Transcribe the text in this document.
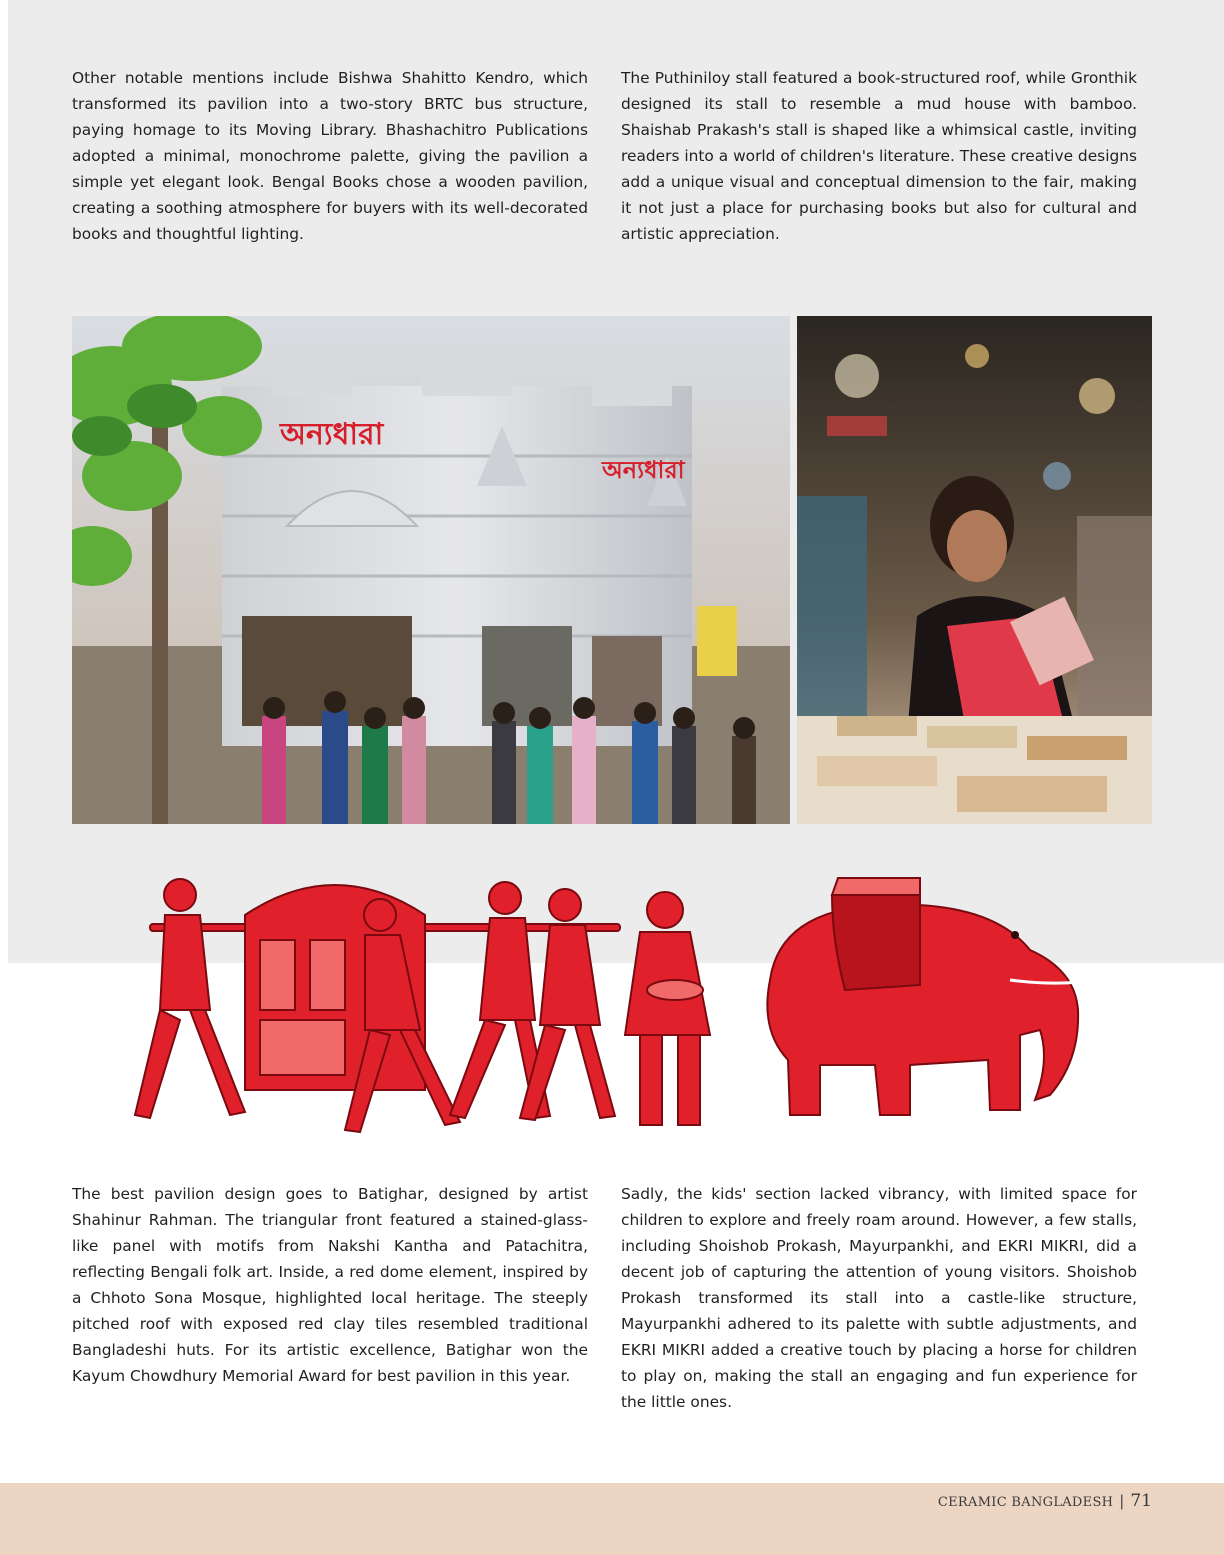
Other notable mentions include Bishwa Shahitto Kendro, which transformed its pavilion into a two-story BRTC bus structure, paying homage to its Moving Library. Bhashachitro Publications adopted a minimal, monochrome palette, giving the pavilion a simple yet elegant look. Bengal Books chose a wooden pavilion, creating a soothing atmosphere for buyers with its well-decorated books and thoughtful lighting.

The Puthiniloy stall featured a book-structured roof, while Gronthik designed its stall to resemble a mud house with bamboo. Shaishab Prakash's stall is shaped like a whimsical castle, inviting readers into a world of children's literature. These creative designs add a unique visual and conceptual dimension to the fair, making it not just a place for purchasing books but also for cultural and artistic appreciation.

অন্যধারা
অন্যধারা

The best pavilion design goes to Batighar, designed by artist Shahinur Rahman. The triangular front featured a stained-glass-like panel with motifs from Nakshi Kantha and Patachitra, reflecting Bengali folk art. Inside, a red dome element, inspired by a Chhoto Sona Mosque, highlighted local heritage. The steeply pitched roof with exposed red clay tiles resembled traditional Bangladeshi huts. For its artistic excellence, Batighar won the Kayum Chowdhury Memorial Award for best pavilion in this year.

Sadly, the kids' section lacked vibrancy, with limited space for children to explore and freely roam around. However, a few stalls, including Shoishob Prokash, Mayurpankhi, and EKRI MIKRI, did a decent job of capturing the attention of young visitors. Shoishob Prokash transformed its stall into a castle-like structure, Mayurpankhi adhered to its palette with subtle adjustments, and EKRI MIKRI added a creative touch by placing a horse for children to play on, making the stall an engaging and fun experience for the little ones.

CERAMIC BANGLADESH | 71
